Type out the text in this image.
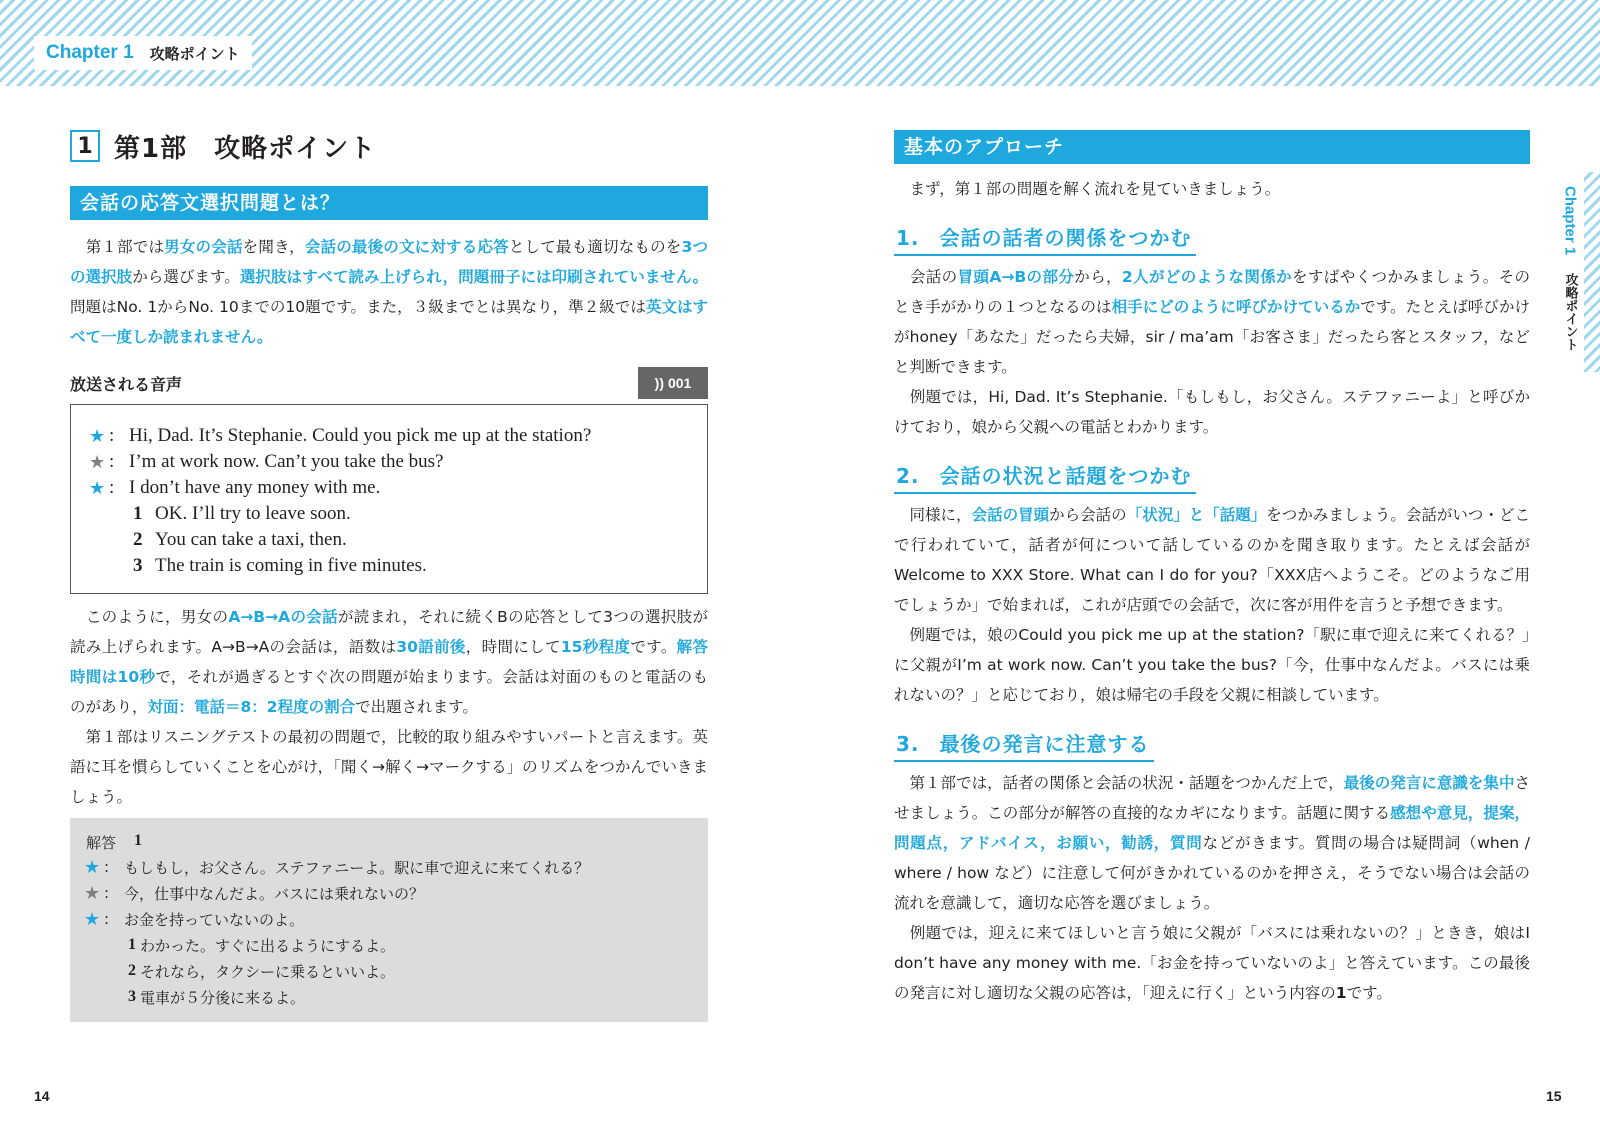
Chapter 1 攻略ポイント
Chapter 1
攻略ポイント
1 第1部　攻略ポイント
会話の応答文選択問題とは？

　第１部では男女の会話を聞き，会話の最後の文に対する応答として最も適切なものを3つの選択肢から選びます。選択肢はすべて読み上げられ，問題冊子には印刷されていません。問題はNo. 1からNo. 10までの10題です。また，３級までとは異なり，準２級では英文はすべて一度しか読まれません。

放送される音声	)) 001
★ : Hi, Dad. It’s Stephanie. Could you pick me up at the station?
★ : I’m at work now. Can’t you take the bus?
★ : I don’t have any money with me.
1 OK. I’ll try to leave soon.
2 You can take a taxi, then.
3 The train is coming in five minutes.

　このように，男女のA→B→Aの会話が読まれ，それに続くBの応答として3つの選択肢が読み上げられます。A→B→Aの会話は，語数は30語前後，時間にして15秒程度です。解答時間は10秒で，それが過ぎるとすぐ次の問題が始まります。会話は対面のものと電話のものがあり，対面：電話＝8：2程度の割合で出題されます。

　第１部はリスニングテストの最初の問題で，比較的取り組みやすいパートと言えます。英語に耳を慣らしていくことを心がけ，「聞く→解く→マークする」のリズムをつかんでいきましょう。

解答 1
★ : もしもし，お父さん。ステファニーよ。駅に車で迎えに来てくれる？
★ : 今，仕事中なんだよ。バスには乗れないの？
★ : お金を持っていないのよ。
1 わかった。すぐに出るようにするよ。
2 それなら，タクシーに乗るといいよ。
3 電車が５分後に来るよ。
基本のアプローチ

　まず，第１部の問題を解く流れを見ていきましょう。

1. 会話の話者の関係をつかむ

　会話の冒頭A→Bの部分から，2人がどのような関係かをすばやくつかみましょう。そのとき手がかりの１つとなるのは相手にどのように呼びかけているかです。たとえば呼びかけがhoney「あなた」だったら夫婦，sir / ma’am「お客さま」だったら客とスタッフ，などと判断できます。

　例題では，Hi, Dad. It’s Stephanie.「もしもし，お父さん。ステファニーよ」と呼びかけており，娘から父親への電話とわかります。

2. 会話の状況と話題をつかむ

　同様に，会話の冒頭から会話の「状況」と「話題」をつかみましょう。会話がいつ・どこで行われていて，話者が何について話しているのかを聞き取ります。たとえば会話がWelcome to XXX Store. What can I do for you?「XXX店へようこそ。どのようなご用でしょうか」で始まれば，これが店頭での会話で，次に客が用件を言うと予想できます。

　例題では，娘のCould you pick me up at the station?「駅に車で迎えに来てくれる？」に父親がI’m at work now. Can’t you take the bus?「今，仕事中なんだよ。バスには乗れないの？」と応じており，娘は帰宅の手段を父親に相談しています。

3. 最後の発言に注意する

　第１部では，話者の関係と会話の状況・話題をつかんだ上で，最後の発言に意識を集中させましょう。この部分が解答の直接的なカギになります。話題に関する感想や意見，提案，問題点，アドバイス，お願い，勧誘，質問などがきます。質問の場合は疑問詞（when / where / how など）に注意して何がきかれているのかを押さえ，そうでない場合は会話の流れを意識して，適切な応答を選びましょう。

　例題では，迎えに来てほしいと言う娘に父親が「バスには乗れないの？」ときき，娘はI don’t have any money with me.「お金を持っていないのよ」と答えています。この最後の発言に対し適切な父親の応答は，「迎えに行く」という内容の1です。

14	15
